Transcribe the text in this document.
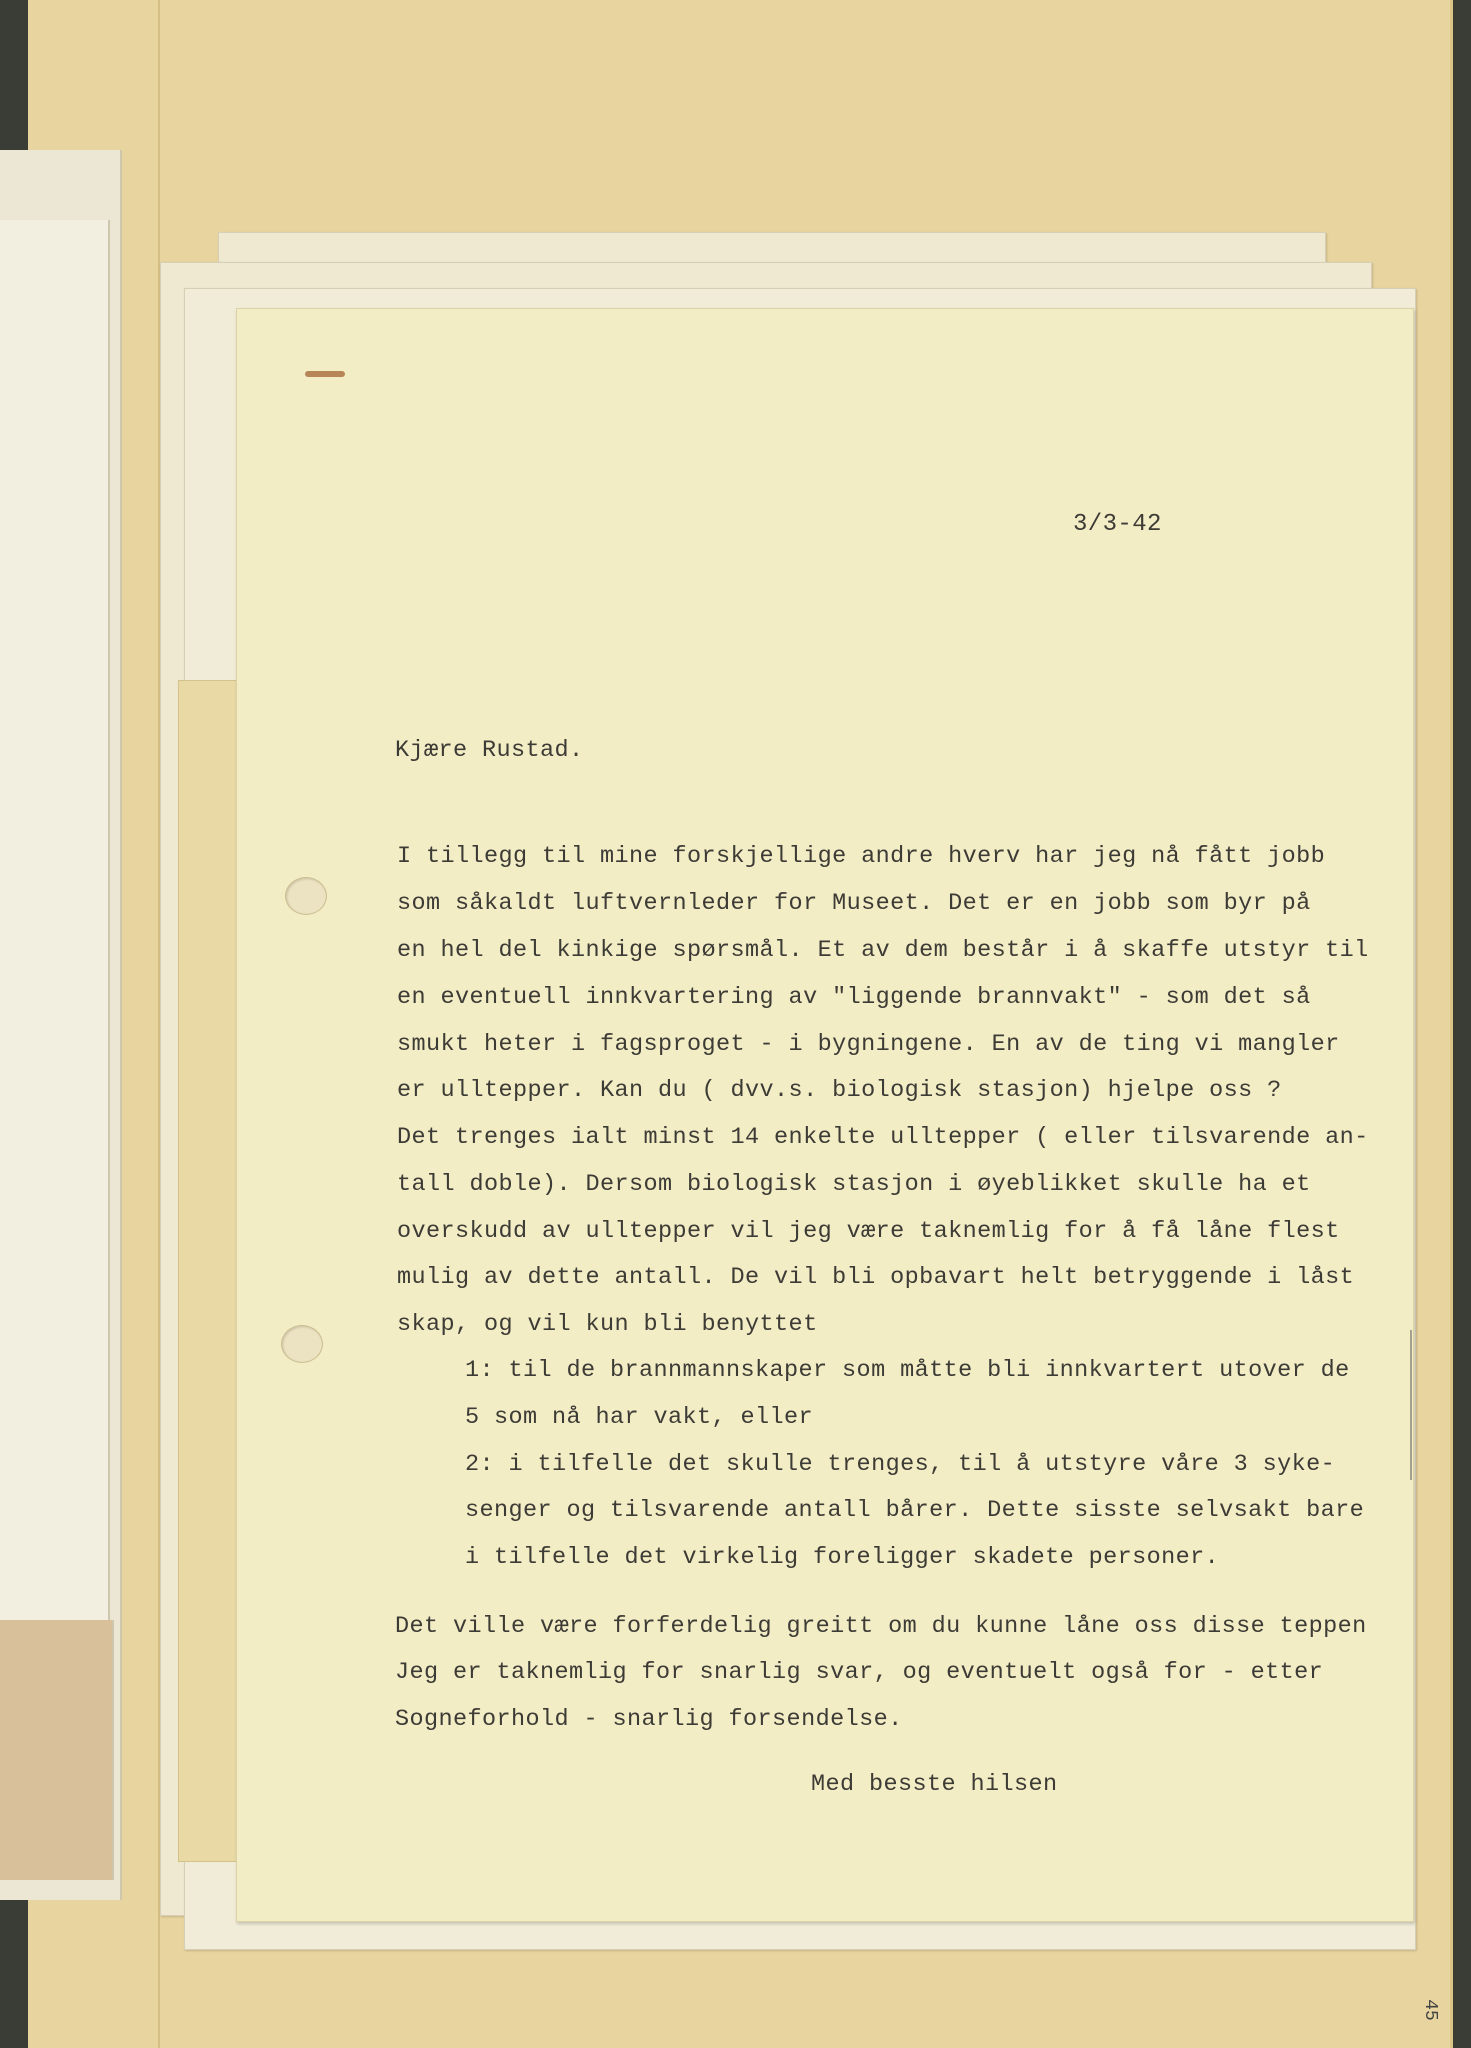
3/3-42
Kjære Rustad.
I tillegg til mine forskjellige andre hverv har jeg nå fått jobb
som såkaldt luftvernleder for Museet. Det er en jobb som byr på
en hel del kinkige spørsmål. Et av dem består i å skaffe utstyr til
en eventuell innkvartering av "liggende brannvakt" - som det så
smukt heter i fagsproget - i bygningene. En av de ting vi mangler
er ulltepper. Kan du ( dvv.s. biologisk stasjon) hjelpe oss ?
Det trenges ialt minst 14 enkelte ulltepper ( eller tilsvarende an-
tall doble). Dersom biologisk stasjon i øyeblikket skulle ha et
overskudd av ulltepper vil jeg være taknemlig for å få låne flest
mulig av dette antall. De vil bli opbavart helt betryggende i låst
skap, og vil kun bli benyttet
1: til de brannmannskaper som måtte bli innkvartert utover de
5 som nå har vakt, eller
2: i tilfelle det skulle trenges, til å utstyre våre 3 syke-
senger og tilsvarende antall bårer. Dette sisste selvsakt bare
i tilfelle det virkelig foreligger skadete personer.
Det ville være forferdelig greitt om du kunne låne oss disse teppen
Jeg er taknemlig for snarlig svar, og eventuelt også for - etter
Sogneforhold - snarlig forsendelse.
Med besste hilsen
45
